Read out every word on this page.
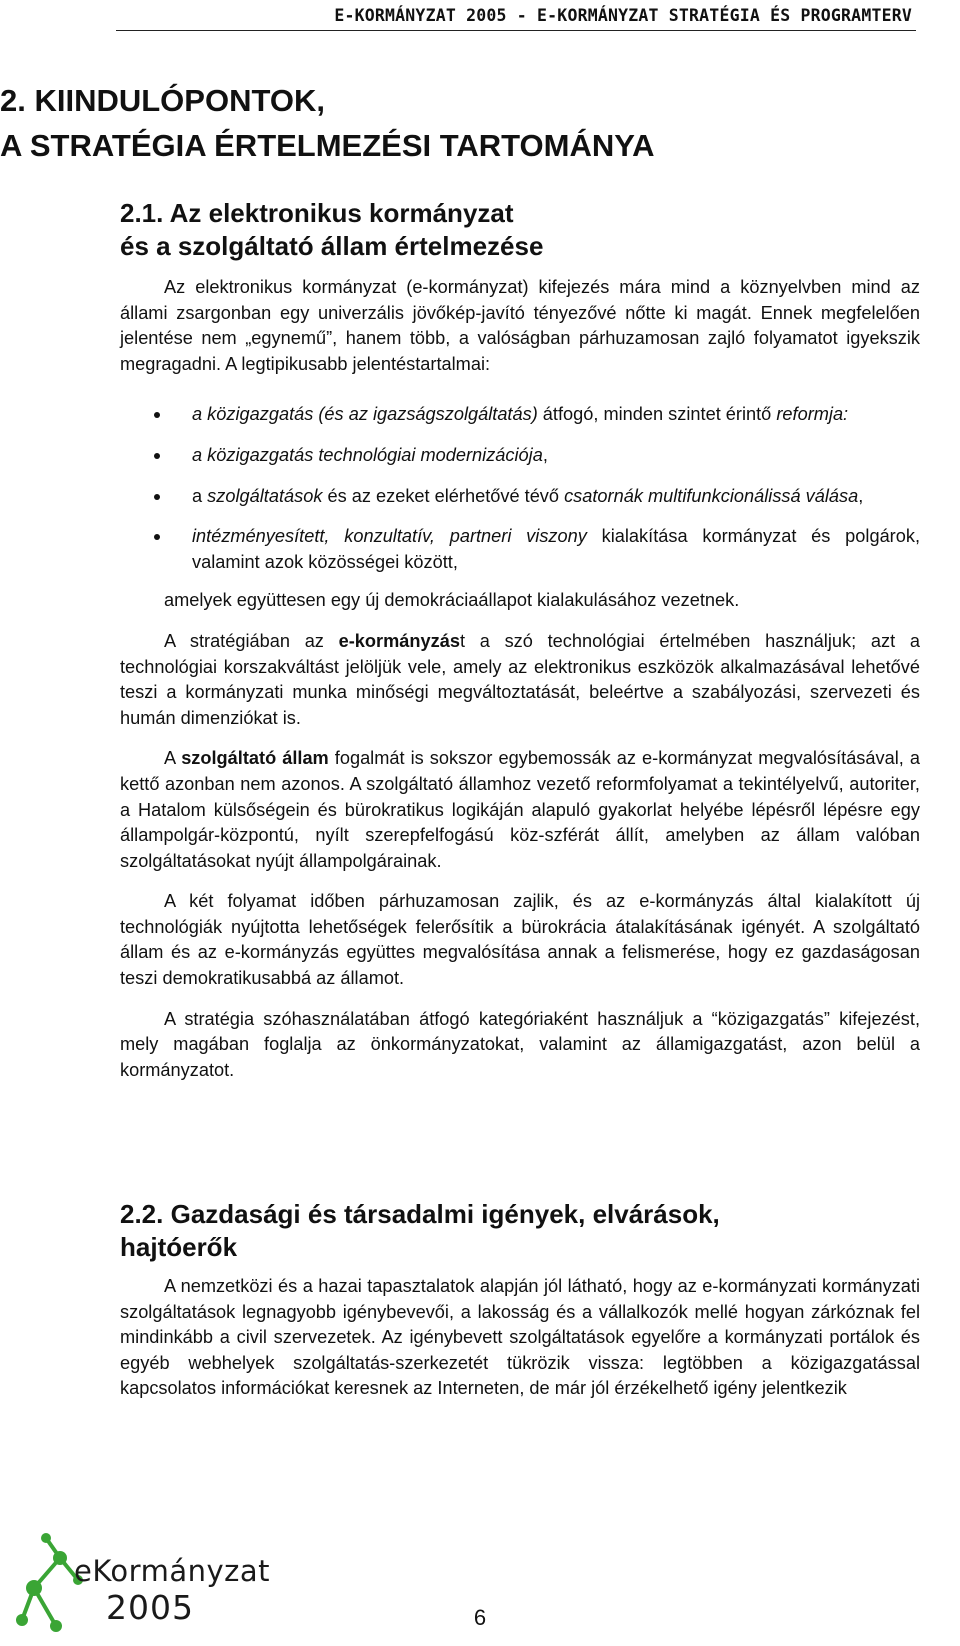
E-KORMÁNYZAT 2005 - E-KORMÁNYZAT STRATÉGIA ÉS PROGRAMTERV
2. KIINDULÓPONTOK,
A STRATÉGIA ÉRTELMEZÉSI TARTOMÁNYA
2.1. Az elektronikus kormányzat
és a szolgáltató állam értelmezése

Az elektronikus kormányzat (e-kormányzat) kifejezés mára mind a köznyelvben mind az állami zsargonban egy univerzális jövőkép-javító tényezővé nőtte ki magát. Ennek megfelelően jelentése nem „egynemű”, hanem több, a valóságban párhuzamosan zajló folyamatot igyekszik megragadni. A legtipikusabb jelentéstartalmai:

a közigazgatás (és az igazságszolgáltatás) átfogó, minden szintet érintő reformja:
a közigazgatás technológiai modernizációja,
a szolgáltatások és az ezeket elérhetővé tévő csatornák multifunkcionálissá válása,
intézményesített, konzultatív, partneri viszony kialakítása kormányzat és polgárok, valamint azok közösségei között,
amelyek együttesen egy új demokráciaállapot kialakulásához vezetnek.

A stratégiában az e-kormányzást a szó technológiai értelmében használjuk; azt a technológiai korszakváltást jelöljük vele, amely az elektronikus eszközök alkalmazásával lehetővé teszi a kormányzati munka minőségi megváltoztatását, beleértve a szabályozási, szervezeti és humán dimenziókat is.

A szolgáltató állam fogalmát is sokszor egybemossák az e-kormányzat megvalósításával, a kettő azonban nem azonos. A szolgáltató államhoz vezető reformfolyamat a tekintélyelvű, autoriter, a Hatalom külsőségein és bürokratikus logikáján alapuló gyakorlat helyébe lépésről lépésre egy állampolgár-központú, nyílt szerepfelfogású köz-szférát állít, amelyben az állam valóban szolgáltatásokat nyújt állampolgárainak.

A két folyamat időben párhuzamosan zajlik, és az e-kormányzás által kialakított új technológiák nyújtotta lehetőségek felerősítik a bürokrácia átalakításának igényét. A szolgáltató állam és az e-kormányzás együttes megvalósítása annak a felismerése, hogy ez gazdaságosan teszi demokratikusabbá az államot.

A stratégia szóhasználatában átfogó kategóriaként használjuk a “közigazgatás” kifejezést, mely magában foglalja az önkormányzatokat, valamint az államigazgatást, azon belül a kormányzatot.

2.2. Gazdasági és társadalmi igények, elvárások,
hajtóerők

A nemzetközi és a hazai tapasztalatok alapján jól látható, hogy az e-kormányzati kormányzati szolgáltatások legnagyobb igénybevevői, a lakosság és a vállalkozók mellé hogyan zárkóznak fel mindinkább a civil szervezetek. Az igénybevett szolgáltatások egyelőre a kormányzati portálok és egyéb webhelyek szolgáltatás-szerkezetét tükrözik vissza: legtöbben a közigazgatással kapcsolatos információkat keresnek az Interneten, de már jól érzékelhető igény jelentkezik

eKormányzat
2005	6
